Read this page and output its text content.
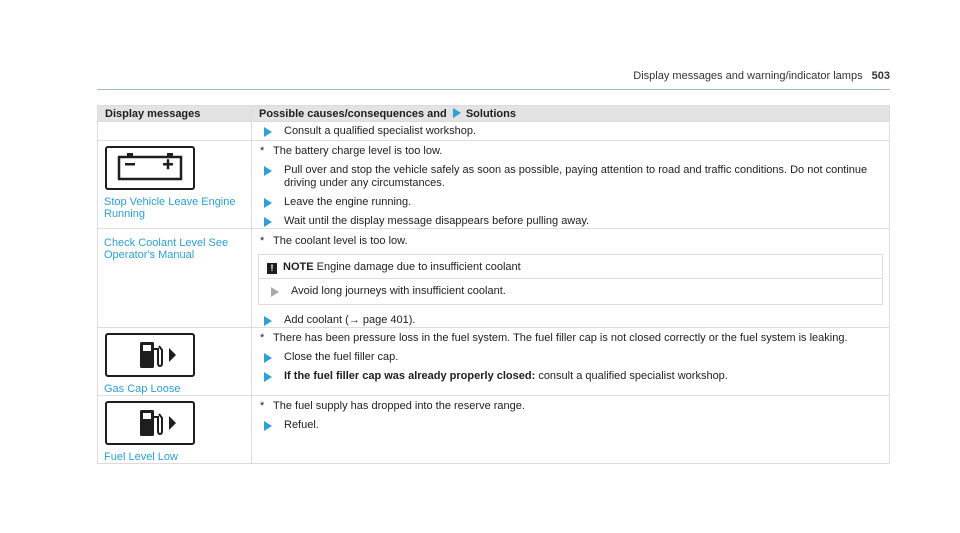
Display messages and warning/indicator lamps 503
Display messages	Possible causes/consequences and Solutions

Consult a qualified specialist workshop.

Stop Vehicle Leave Engine Running	* The battery charge level is too low.
Pull over and stop the vehicle safely as soon as possible, paying attention to road and traffic conditions. Do not continue driving under any circumstances.
Leave the engine running.
Wait until the display message disappears before pulling away.

Check Coolant Level See Operator's Manual	* The coolant level is too low.
! NOTE Engine damage due to insufficient coolant
Avoid long journeys with insufficient coolant.
Add coolant (→ page 401).

Gas Cap Loose	* There has been pressure loss in the fuel system. The fuel filler cap is not closed correctly or the fuel system is leaking.
Close the fuel filler cap.
If the fuel filler cap was already properly closed: consult a qualified specialist workshop.

Fuel Level Low	* The fuel supply has dropped into the reserve range.
Refuel.
